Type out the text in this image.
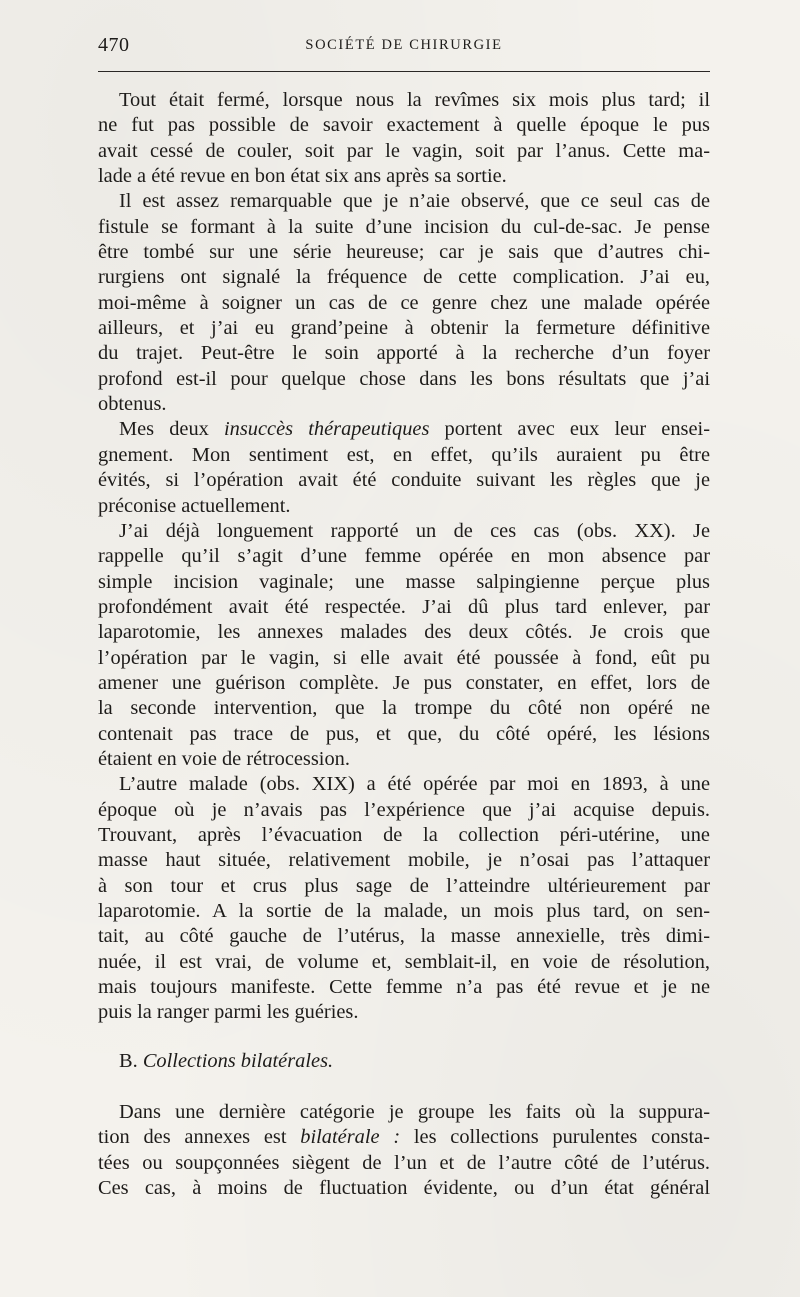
470	SOCIÉTÉ DE CHIRURGIE
Tout était fermé, lorsque nous la revîmes six mois plus tard; il
ne fut pas possible de savoir exactement à quelle époque le pus
avait cessé de couler, soit par le vagin, soit par l’anus. Cette ma-
lade a été revue en bon état six ans après sa sortie.
Il est assez remarquable que je n’aie observé, que ce seul cas de
fistule se formant à la suite d’une incision du cul-de-sac. Je pense
être tombé sur une série heureuse; car je sais que d’autres chi-
rurgiens ont signalé la fréquence de cette complication. J’ai eu,
moi-même à soigner un cas de ce genre chez une malade opérée
ailleurs, et j’ai eu grand’peine à obtenir la fermeture définitive
du trajet. Peut-être le soin apporté à la recherche d’un foyer
profond est-il pour quelque chose dans les bons résultats que j’ai
obtenus.
Mes deux insuccès thérapeutiques portent avec eux leur ensei-
gnement. Mon sentiment est, en effet, qu’ils auraient pu être
évités, si l’opération avait été conduite suivant les règles que je
préconise actuellement.
J’ai déjà longuement rapporté un de ces cas (obs. XX). Je
rappelle qu’il s’agit d’une femme opérée en mon absence par
simple incision vaginale; une masse salpingienne perçue plus
profondément avait été respectée. J’ai dû plus tard enlever, par
laparotomie, les annexes malades des deux côtés. Je crois que
l’opération par le vagin, si elle avait été poussée à fond, eût pu
amener une guérison complète. Je pus constater, en effet, lors de
la seconde intervention, que la trompe du côté non opéré ne
contenait pas trace de pus, et que, du côté opéré, les lésions
étaient en voie de rétrocession.
L’autre malade (obs. XIX) a été opérée par moi en 1893, à une
époque où je n’avais pas l’expérience que j’ai acquise depuis.
Trouvant, après l’évacuation de la collection péri-utérine, une
masse haut située, relativement mobile, je n’osai pas l’attaquer
à son tour et crus plus sage de l’atteindre ultérieurement par
laparotomie. A la sortie de la malade, un mois plus tard, on sen-
tait, au côté gauche de l’utérus, la masse annexielle, très dimi-
nuée, il est vrai, de volume et, semblait-il, en voie de résolution,
mais toujours manifeste. Cette femme n’a pas été revue et je ne
puis la ranger parmi les guéries.
B. Collections bilatérales.
Dans une dernière catégorie je groupe les faits où la suppura-
tion des annexes est bilatérale : les collections purulentes consta-
tées ou soupçonnées siègent de l’un et de l’autre côté de l’utérus.
Ces cas, à moins de fluctuation évidente, ou d’un état général
